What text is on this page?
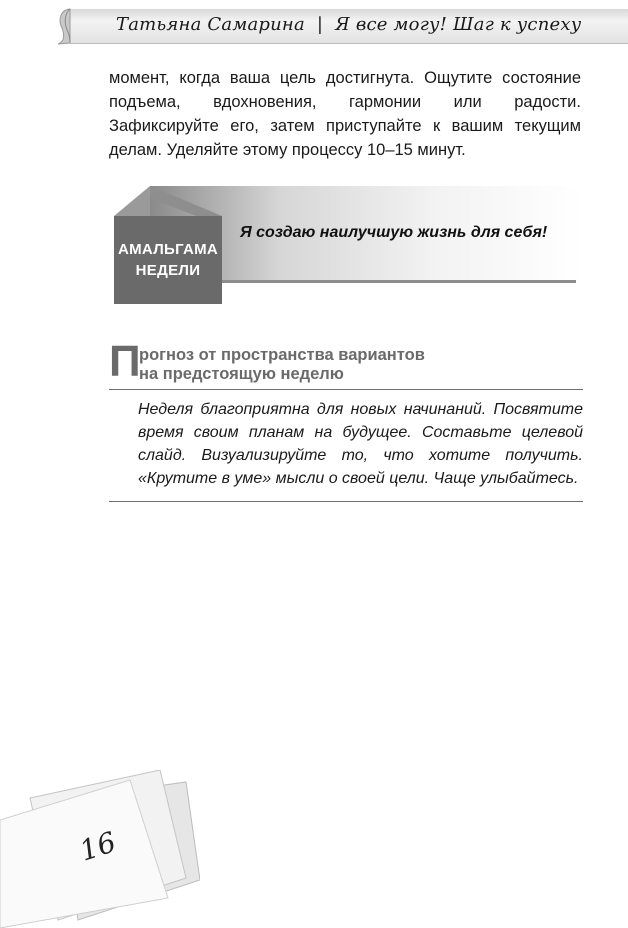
Татьяна Самарина | Я все могу! Шаг к успеху
момент, когда ваша цель достигнута. Ощутите состояние подъема, вдохновения, гармонии или радости. Зафиксируйте его, затем приступайте к вашим текущим делам. Уделяйте этому процессу 10–15 минут.
АМАЛЬГАМА
НЕДЕЛИ
Я создаю наилучшую жизнь для себя!
П
рогноз от пространства вариантов
на предстоящую неделю
Неделя благоприятна для новых начинаний. Посвятите время своим планам на будущее. Составьте целевой слайд. Визуализируйте то, что хотите получить. «Крутите в уме» мысли о своей цели. Чаще улыбайтесь.
16
